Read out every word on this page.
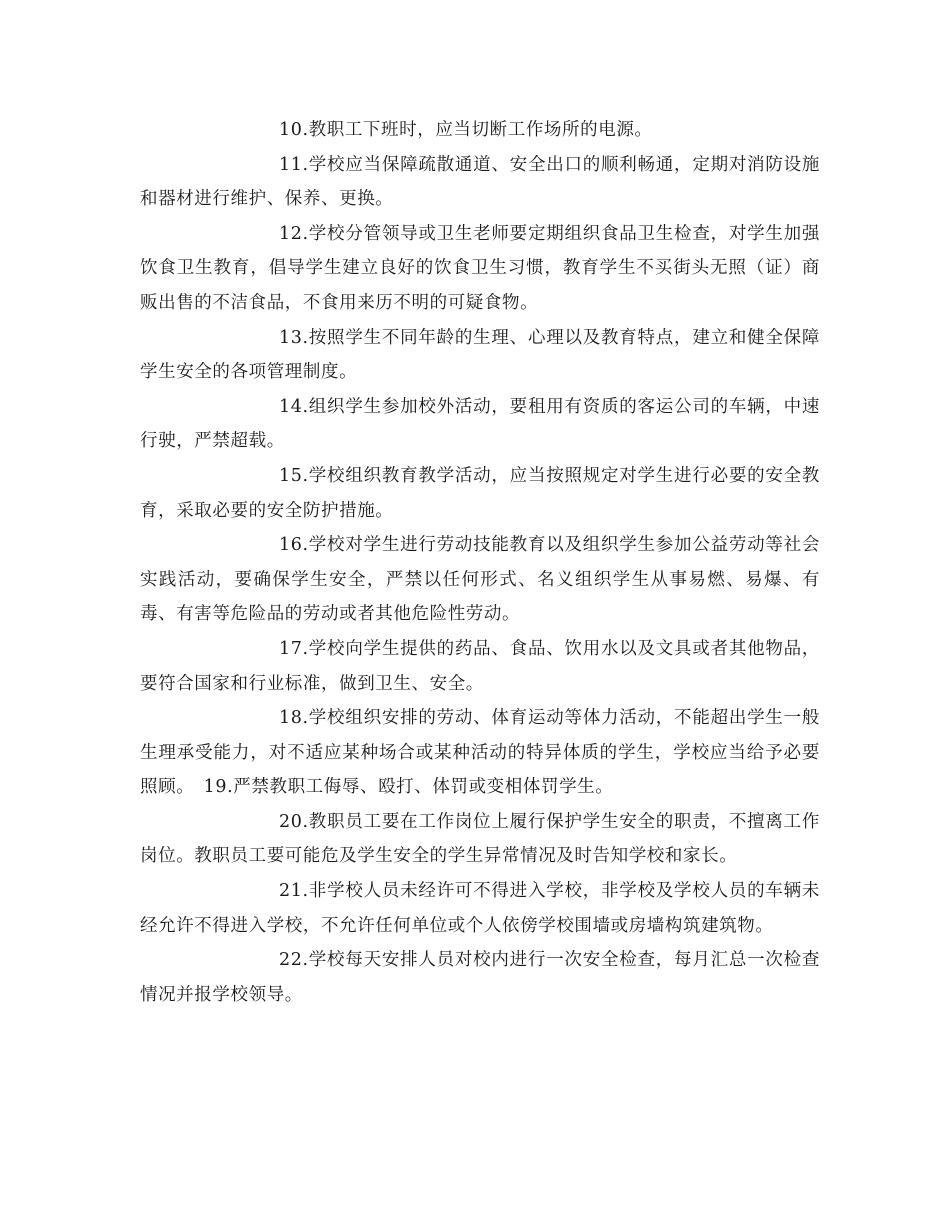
10.教职工下班时，应当切断工作场所的电源。

11.学校应当保障疏散通道、安全出口的顺利畅通，定期对消防设施和器材进行维护、保养、更换。

12.学校分管领导或卫生老师要定期组织食品卫生检查，对学生加强饮食卫生教育，倡导学生建立良好的饮食卫生习惯，教育学生不买街头无照（证）商贩出售的不洁食品，不食用来历不明的可疑食物。

13.按照学生不同年龄的生理、心理以及教育特点，建立和健全保障学生安全的各项管理制度。

14.组织学生参加校外活动，要租用有资质的客运公司的车辆，中速行驶，严禁超载。

15.学校组织教育教学活动，应当按照规定对学生进行必要的安全教育，采取必要的安全防护措施。

16.学校对学生进行劳动技能教育以及组织学生参加公益劳动等社会实践活动，要确保学生安全，严禁以任何形式、名义组织学生从事易燃、易爆、有毒、有害等危险品的劳动或者其他危险性劳动。

17.学校向学生提供的药品、食品、饮用水以及文具或者其他物品，要符合国家和行业标准，做到卫生、安全。

18.学校组织安排的劳动、体育运动等体力活动，不能超出学生一般生理承受能力，对不适应某种场合或某种活动的特异体质的学生，学校应当给予必要照顾。　19.严禁教职工侮辱、殴打、体罚或变相体罚学生。

20.教职员工要在工作岗位上履行保护学生安全的职责，不擅离工作岗位。教职员工要可能危及学生安全的学生异常情况及时告知学校和家长。

21.非学校人员未经许可不得进入学校，非学校及学校人员的车辆未经允许不得进入学校，不允许任何单位或个人依傍学校围墙或房墙构筑建筑物。

22.学校每天安排人员对校内进行一次安全检查，每月汇总一次检查情况并报学校领导。
